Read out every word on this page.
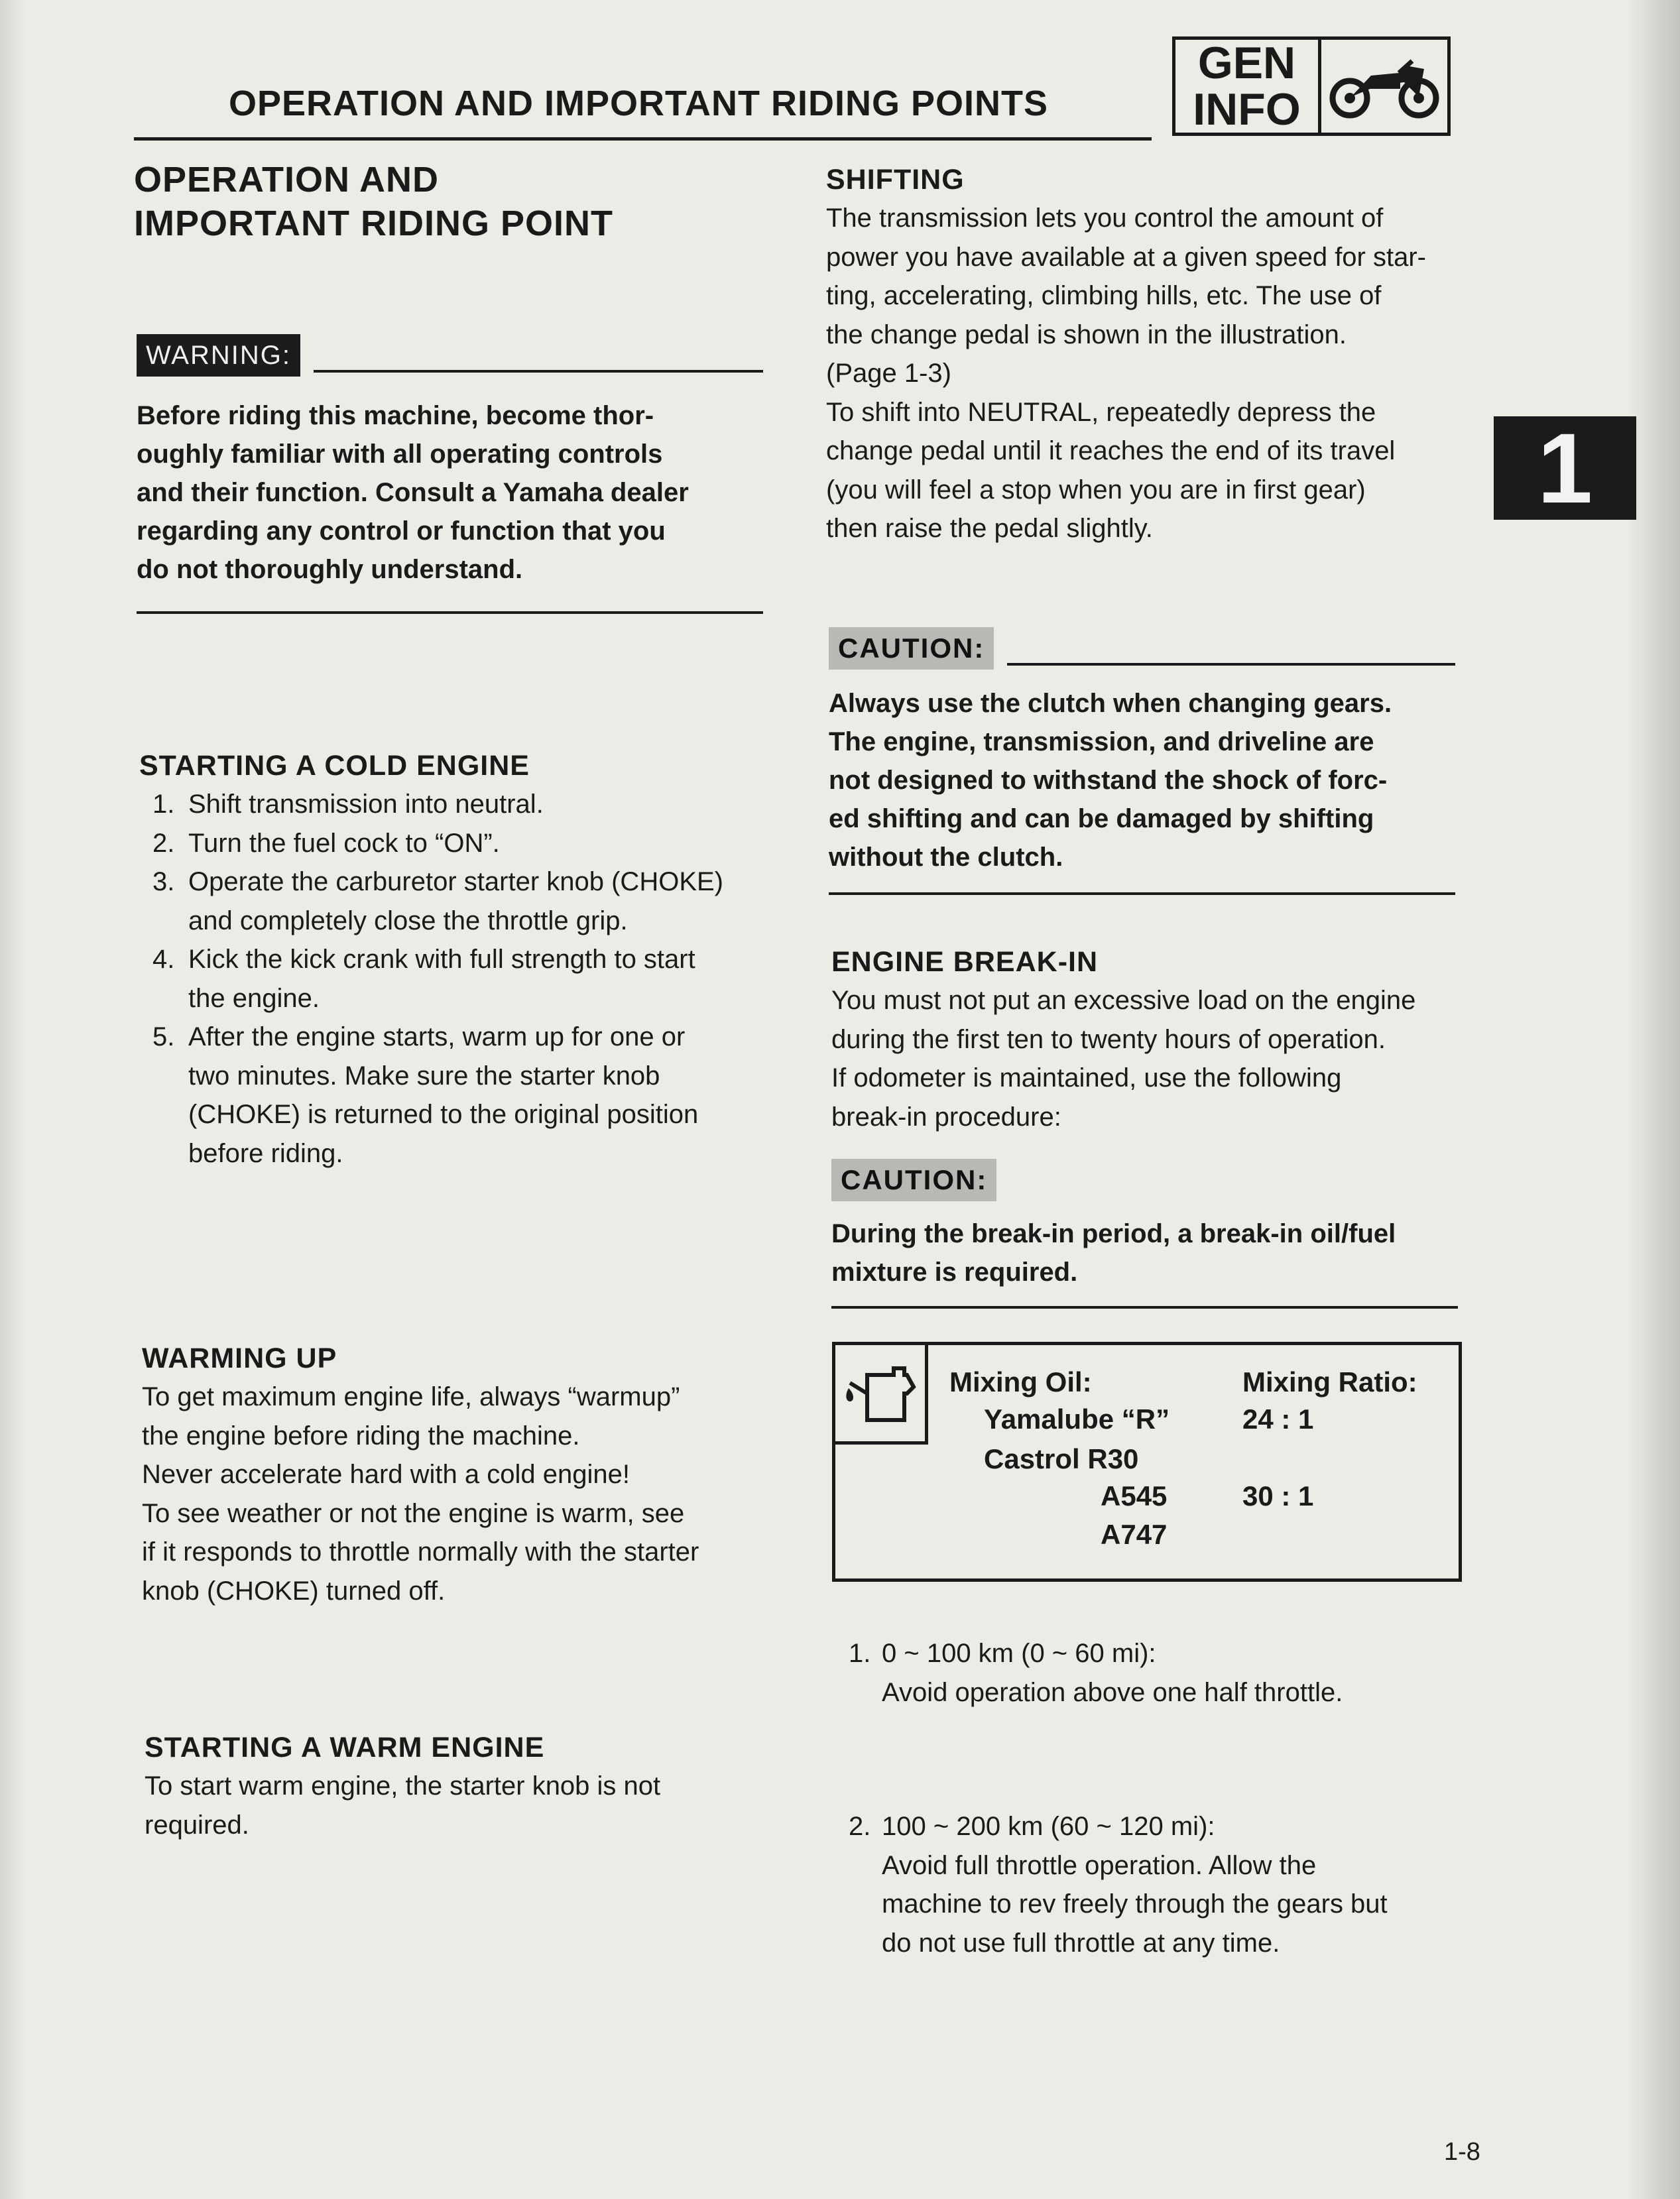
OPERATION AND IMPORTANT RIDING POINTS
GEN
INFO
1
OPERATION AND
IMPORTANT RIDING POINT
WARNING:
Before riding this machine, become thor-
oughly familiar with all operating controls
and their function. Consult a Yamaha dealer
regarding any control or function that you
do not thoroughly understand.
STARTING A COLD ENGINE
1. Shift transmission into neutral.
2. Turn the fuel cock to “ON”.
3. Operate the carburetor starter knob (CHOKE)
and completely close the throttle grip.
4. Kick the kick crank with full strength to start
the engine.
5. After the engine starts, warm up for one or
two minutes. Make sure the starter knob
(CHOKE) is returned to the original position
before riding.
WARMING UP
To get maximum engine life, always “warmup”
the engine before riding the machine.
Never accelerate hard with a cold engine!
To see weather or not the engine is warm, see
if it responds to throttle normally with the starter
knob (CHOKE) turned off.
STARTING A WARM ENGINE
To start warm engine, the starter knob is not
required.
SHIFTING
The transmission lets you control the amount of
power you have available at a given speed for star-
ting, accelerating, climbing hills, etc. The use of
the change pedal is shown in the illustration.
(Page 1-3)
To shift into NEUTRAL, repeatedly depress the
change pedal until it reaches the end of its travel
(you will feel a stop when you are in first gear)
then raise the pedal slightly.
CAUTION:
Always use the clutch when changing gears.
The engine, transmission, and driveline are
not designed to withstand the shock of forc-
ed shifting and can be damaged by shifting
without the clutch.
ENGINE BREAK-IN
You must not put an excessive load on the engine
during the first ten to twenty hours of operation.
If odometer is maintained, use the following
break-in procedure:
CAUTION:
During the break-in period, a break-in oil/fuel
mixture is required.
Mixing Oil:	Mixing Ratio:
Yamalube “R”	24 : 1
Castrol R30
A545	30 : 1
A747
1. 0 ~ 100 km (0 ~ 60 mi):
Avoid operation above one half throttle.
2. 100 ~ 200 km (60 ~ 120 mi):
Avoid full throttle operation. Allow the
machine to rev freely through the gears but
do not use full throttle at any time.
1-8
